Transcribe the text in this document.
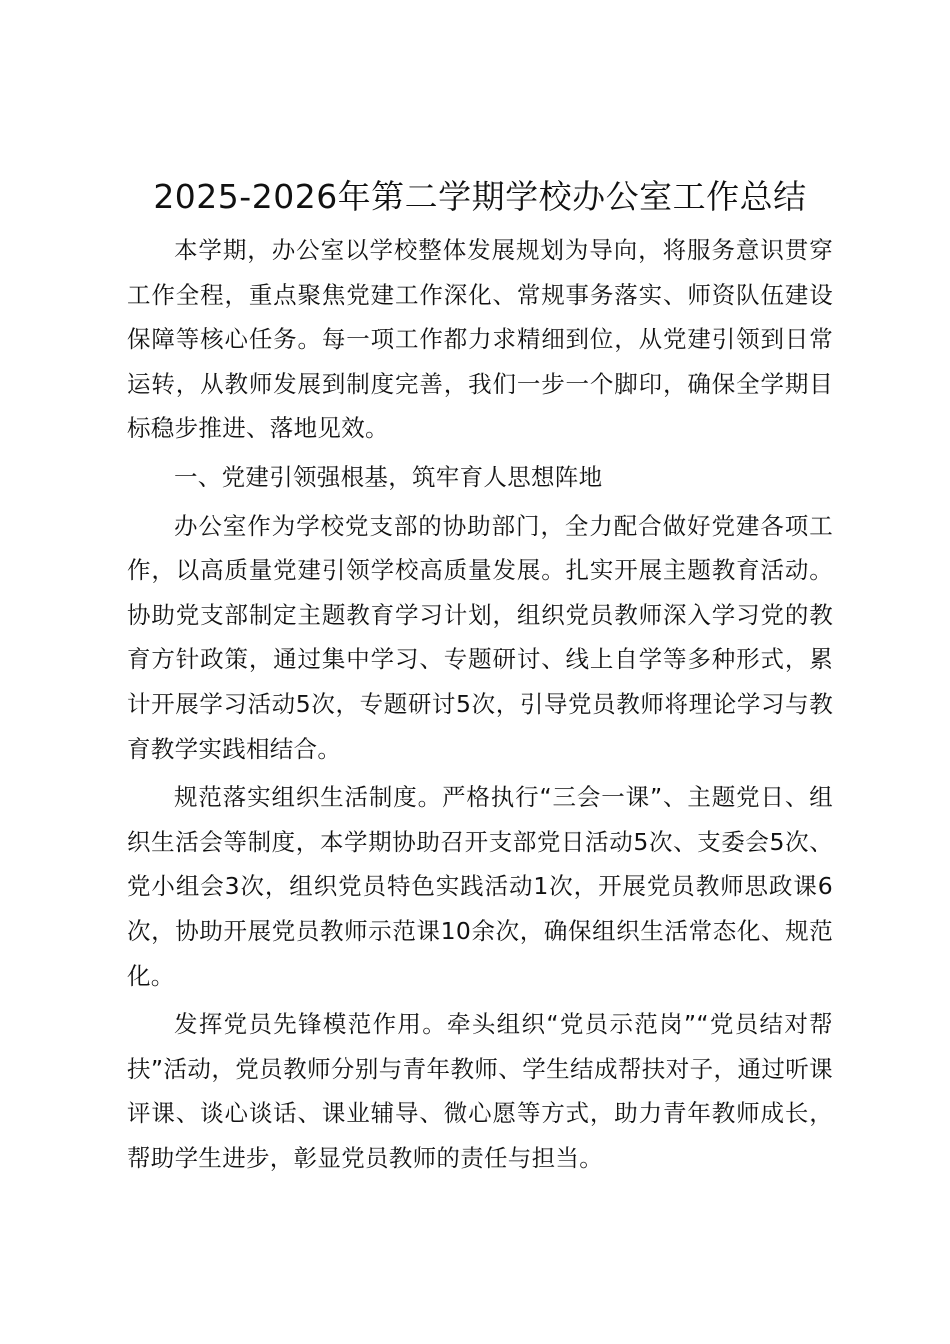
2025-2026年第二学期学校办公室工作总结

本学期，办公室以学校整体发展规划为导向，将服务意识贯穿工作全程，重点聚焦党建工作深化、常规事务落实、师资队伍建设保障等核心任务。每一项工作都力求精细到位，从党建引领到日常运转，从教师发展到制度完善，我们一步一个脚印，确保全学期目标稳步推进、落地见效。

一、党建引领强根基，筑牢育人思想阵地

办公室作为学校党支部的协助部门，全力配合做好党建各项工作，以高质量党建引领学校高质量发展。扎实开展主题教育活动。协助党支部制定主题教育学习计划，组织党员教师深入学习党的教育方针政策，通过集中学习、专题研讨、线上自学等多种形式，累计开展学习活动5次，专题研讨5次，引导党员教师将理论学习与教育教学实践相结合。

规范落实组织生活制度。严格执行“三会一课”、主题党日、组织生活会等制度，本学期协助召开支部党日活动5次、支委会5次、党小组会3次，组织党员特色实践活动1次，开展党员教师思政课6次，协助开展党员教师示范课10余次，确保组织生活常态化、规范化。

发挥党员先锋模范作用。牵头组织“党员示范岗”“党员结对帮扶”活动，党员教师分别与青年教师、学生结成帮扶对子，通过听课评课、谈心谈话、课业辅导、微心愿等方式，助力青年教师成长，帮助学生进步，彰显党员教师的责任与担当。
